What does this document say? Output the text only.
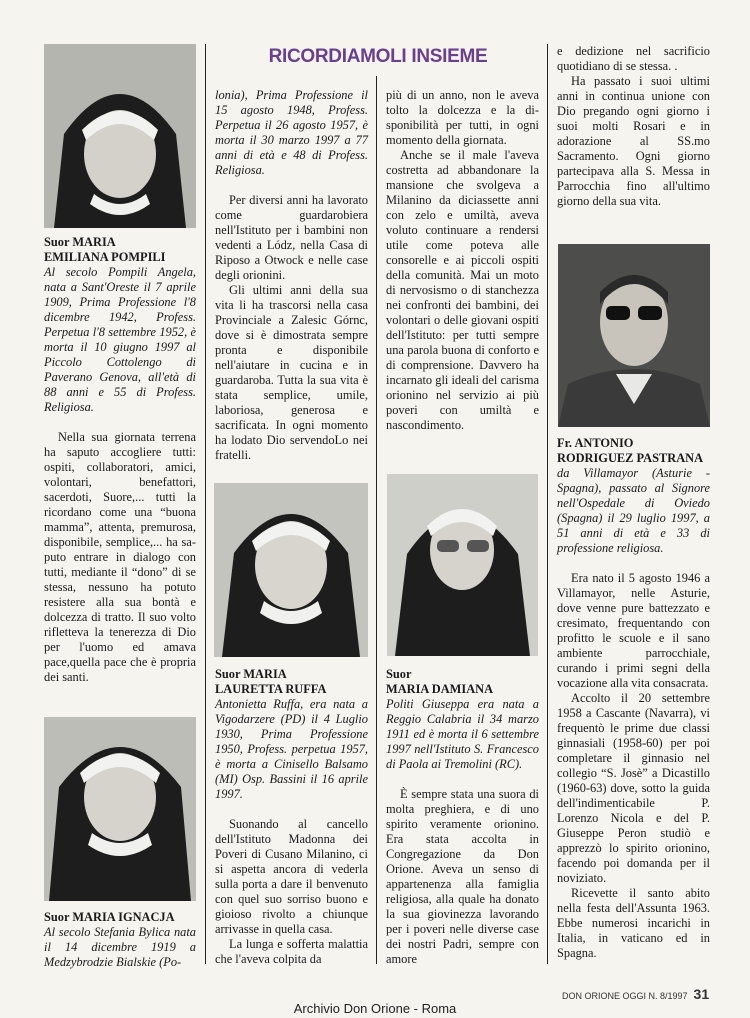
RICORDIAMOLI INSIEME
Suor MARIA
EMILIANA POMPILI

Al secolo Pompili Angela, nata a Sant'Oreste il 7 aprile 1909, Prima Professione l'8 dicembre 1942, Profess. Perpetua l'8 settembre 1952, è morta il 10 giugno 1997 al Piccolo Cottolengo di Paverano Genova, all'età di 88 anni e 55 di Profess. Religiosa.

Nella sua giornata terrena ha saputo accogliere tutti: ospiti, collaboratori, amici, volontari, benefattori, sacerdoti, Suore,... tutti la ricordano come una “buona mamma”, attenta, premurosa, disponibile, semplice,... ha saputo entrare in dialogo con tutti, mediante il “dono” di se stessa, nessuno ha potuto resistere alla sua bontà e dolcezza di tratto. Il suo volto rifletteva la tenerezza di Dio per l'uomo ed amava pace,quella pace che è propria dei santi.

Suor MARIA IGNACJA

Al secolo Stefania Bylica nata il 14 dicembre 1919 a Medzybrodzie Bialskie (Po-

lonia), Prima Professione il 15 agosto 1948, Profess. Perpetua il 26 agosto 1957, è morta il 30 marzo 1997 a 77 anni di età e 48 di Profess. Religiosa.

Per diversi anni ha lavorato come guardarobiera nell'Istituto per i bambini non vedenti a Lódz, nella Casa di Riposo a Otwock e nelle case degli orionini.

Gli ultimi anni della sua vita li ha trascorsi nella casa Provinciale a Zalesic Górnc, dove si è dimostrata sempre pronta e disponibile nell'aiutare in cucina e in guardaroba. Tutta la sua vita è stata semplice, umile, laboriosa, generosa e sacrificata. In ogni momento ha lodato Dio servendoLo nei fratelli.

Suor MARIA
LAURETTA RUFFA

Antonietta Ruffa, era nata a Vigodarzere (PD) il 4 Luglio 1930, Prima Professione 1950, Profess. perpetua 1957, è morta a Cinisello Balsamo (MI) Osp. Bassini il 16 aprile 1997.

Suonando al cancello dell'Istituto Madonna dei Poveri di Cusano Milanino, ci si aspetta ancora di vederla sulla porta a dare il benvenuto con quel suo sorriso buono e gioioso rivolto a chiunque arrivasse in quella casa.

La lunga e sofferta malattia che l'aveva colpita da

più di un anno, non le aveva tolto la dolcezza e la disponibilità per tutti, in ogni momento della giornata.

Anche se il male l'aveva costretta ad abbandonare la mansione che svolgeva a Milanino da diciassette anni con zelo e umiltà, aveva voluto continuare a rendersi utile come poteva alle consorelle e ai piccoli ospiti della comunità. Mai un moto di nervosismo o di stanchezza nei confronti dei bambini, dei volontari o delle giovani ospiti dell'Istituto: per tutti sempre una parola buona di conforto e di comprensione. Davvero ha incarnato gli ideali del carisma orionino nel servizio ai più poveri con umiltà e nascondimento.

Suor
MARIA DAMIANA

Politi Giuseppa era nata a Reggio Calabria il 34 marzo 1911 ed è morta il 6 settembre 1997 nell'Istituto S. Francesco di Paola ai Tremolini (RC).

È sempre stata una suora di molta preghiera, e di uno spirito veramente orionino. Era stata accolta in Congregazione da Don Orione. Aveva un senso di appartenenza alla famiglia religiosa, alla quale ha donato la sua giovinezza lavorando per i poveri nelle diverse case dei nostri Padri, sempre con amore

e dedizione nel sacrificio quotidiano di se stessa. .

Ha passato i suoi ultimi anni in continua unione con Dio pregando ogni giorno i suoi molti Rosari e in adorazione al SS.mo Sacramento. Ogni giorno partecipava alla S. Messa in Parrocchia fino all'ultimo giorno della sua vita.

Fr. ANTONIO
RODRIGUEZ PASTRANA

da Villamayor (Asturie - Spagna), passato al Signore nell'Ospedale di Oviedo (Spagna) il 29 luglio 1997, a 51 anni di età e 33 di professione religiosa.

Era nato il 5 agosto 1946 a Villamayor, nelle Asturie, dove venne pure battezzato e cresimato, frequentando con profitto le scuole e il sano ambiente parrocchiale, curando i primi segni della vocazione alla vita consacrata.

Accolto il 20 settembre 1958 a Cascante (Navarra), vi frequentò le prime due classi ginnasiali (1958-60) per poi completare il ginnasio nel collegio “S. Josè” a Dicastillo (1960-63) dove, sotto la guida dell'indimenticabile P. Lorenzo Nicola e del P. Giuseppe Peron studiò e apprezzò lo spirito orionino, facendo poi domanda per il noviziato.

Ricevette il santo abito nella festa dell'Assunta 1963. Ebbe numerosi incarichi in Italia, in vaticano ed in Spagna.

DON ORIONE OGGI N. 8/1997 31
Archivio Don Orione - Roma
